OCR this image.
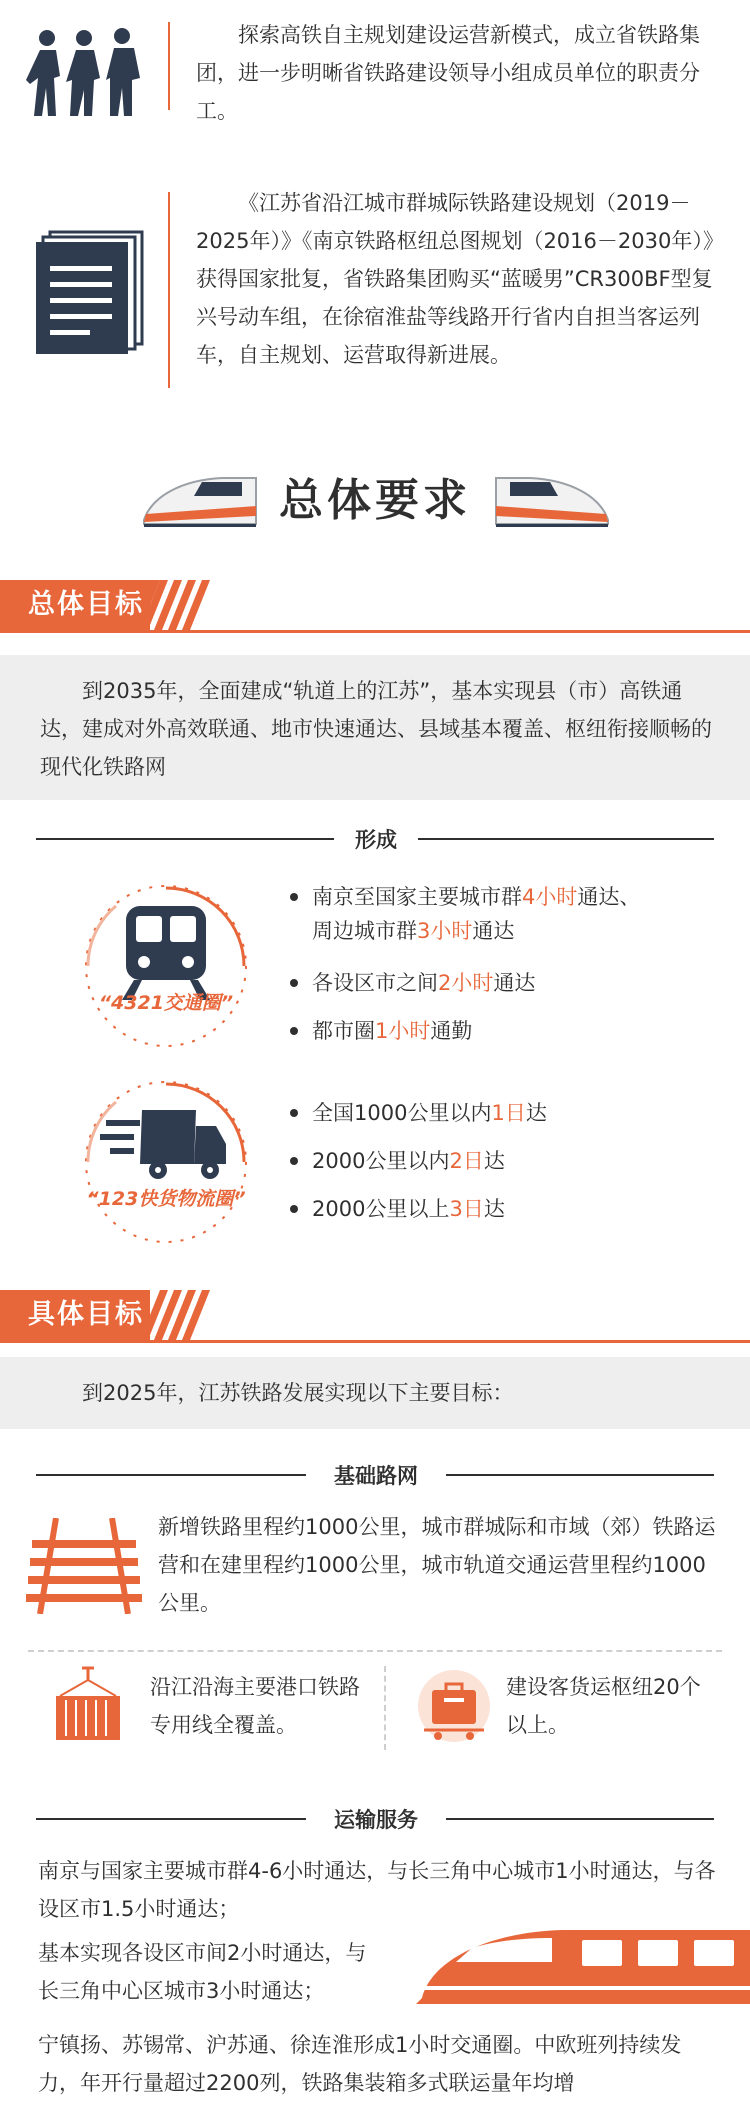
探索高铁自主规划建设运营新模式，成立省铁路集团，进一步明晰省铁路建设领导小组成员单位的职责分工。
《江苏省沿江城市群城际铁路建设规划（2019－2025年）》《南京铁路枢纽总图规划（2016－2030年）》获得国家批复，省铁路集团购买“蓝暖男”CR300BF型复兴号动车组，在徐宿淮盐等线路开行省内自担当客运列车，自主规划、运营取得新进展。
总体要求
总体目标
到2035年，全面建成“轨道上的江苏”，基本实现县（市）高铁通达，建成对外高效联通、地市快速通达、县域基本覆盖、枢纽衔接顺畅的现代化铁路网
形成
“4321交通圈”
南京至国家主要城市群4小时通达、
周边城市群3小时通达
各设区市之间2小时通达
都市圈1小时通勤
“123快货物流圈”
全国1000公里以内1日达
2000公里以内2日达
2000公里以上3日达
具体目标
到2025年，江苏铁路发展实现以下主要目标：
基础路网
新增铁路里程约1000公里，城市群城际和市域（郊）铁路运营和在建里程约1000公里，城市轨道交通运营里程约1000公里。
沿江沿海主要港口铁路专用线全覆盖。
建设客货运枢纽20个以上。
运输服务
南京与国家主要城市群4-6小时通达，与长三角中心城市1小时通达，与各设区市1.5小时通达；
基本实现各设区市间2小时通达，与长三角中心区城市3小时通达；
宁镇扬、苏锡常、沪苏通、徐连淮形成1小时交通圈。中欧班列持续发力，年开行量超过2200列，铁路集装箱多式联运量年均增
